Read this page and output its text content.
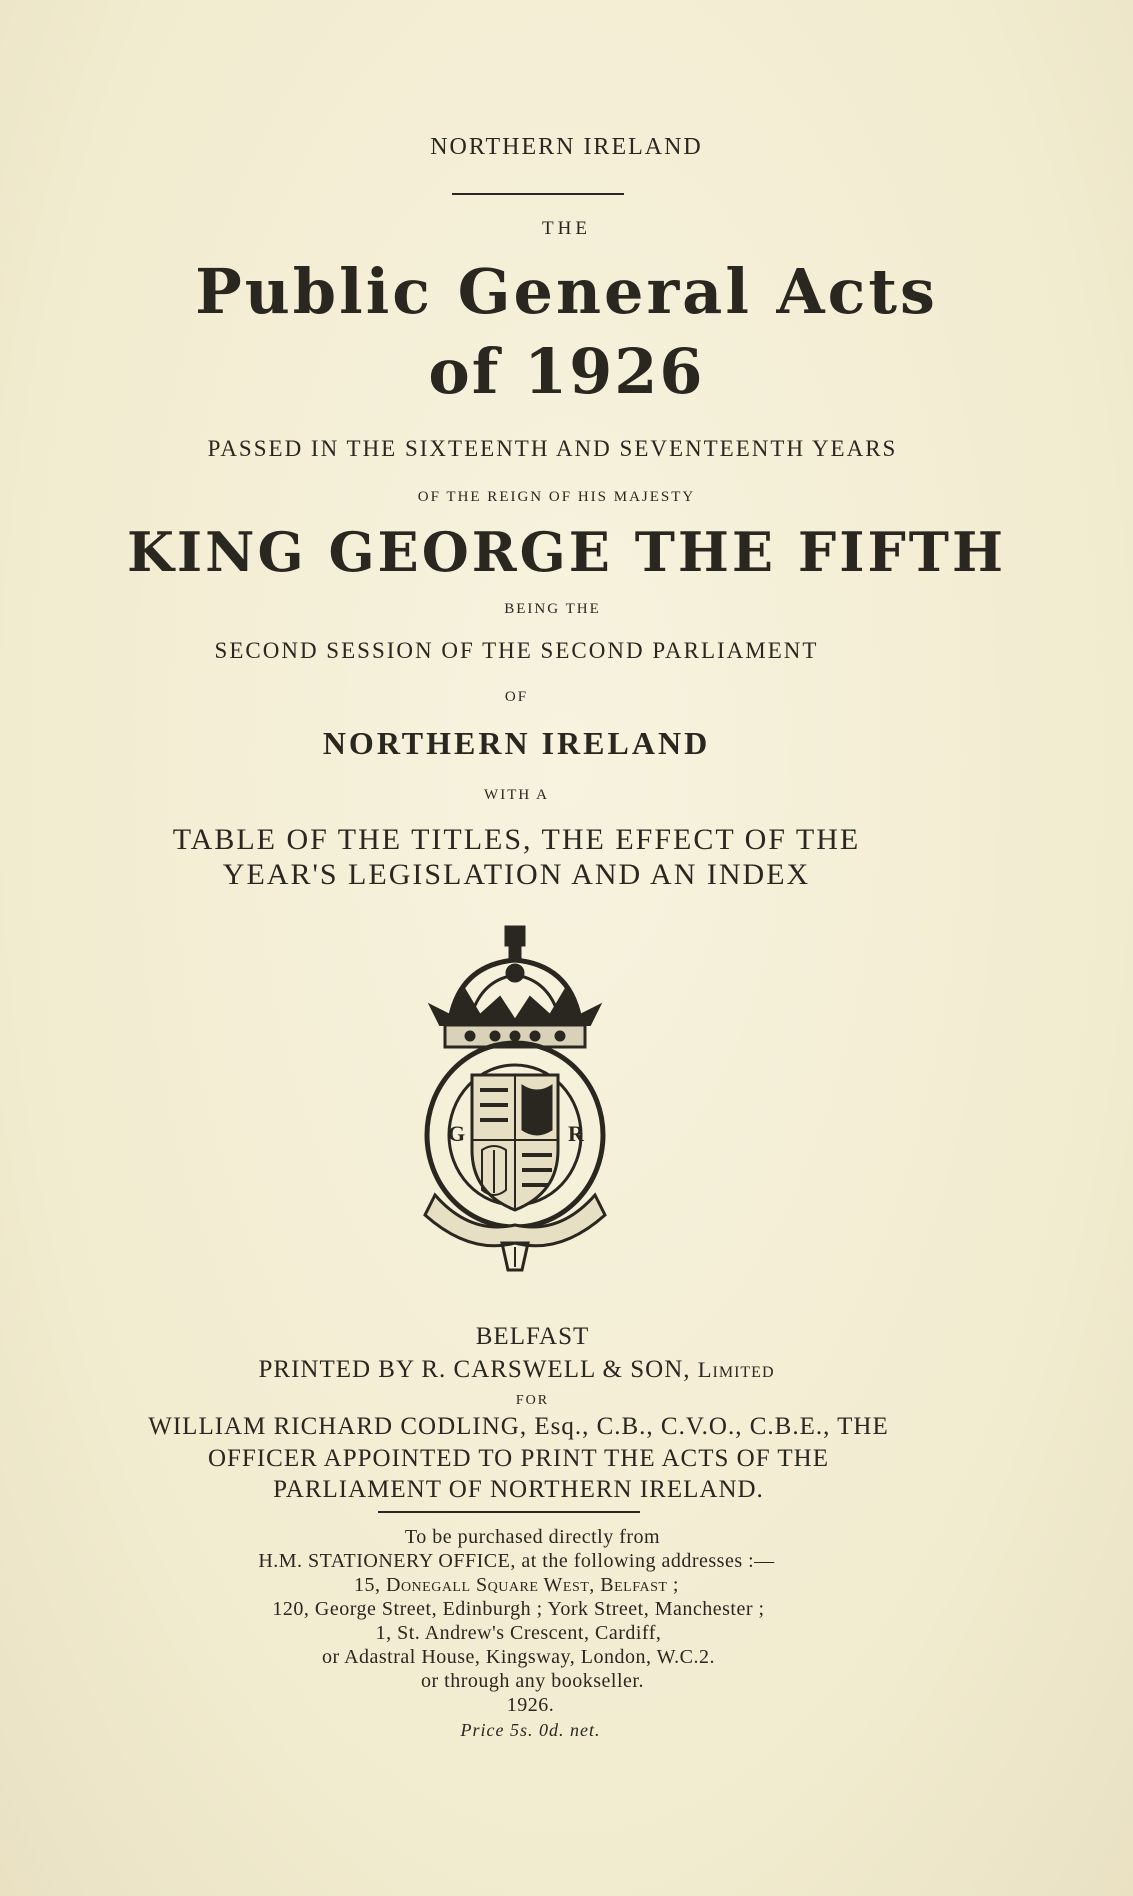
NORTHERN IRELAND
THE
Public General Acts
of 1926
PASSED IN THE SIXTEENTH AND SEVENTEENTH YEARS
OF THE REIGN OF HIS MAJESTY
KING GEORGE THE FIFTH
BEING THE
SECOND SESSION OF THE SECOND PARLIAMENT
OF
NORTHERN IRELAND
WITH A
TABLE OF THE TITLES, THE EFFECT OF THE
YEAR'S LEGISLATION AND AN INDEX
G	R
BELFAST
PRINTED BY R. CARSWELL & SON, Limited
FOR
WILLIAM RICHARD CODLING, Esq., C.B., C.V.O., C.B.E., THE
OFFICER APPOINTED TO PRINT THE ACTS OF THE
PARLIAMENT OF NORTHERN IRELAND.
To be purchased directly from
H.M. STATIONERY OFFICE, at the following addresses :—
15, Donegall Square West, Belfast ;
120, George Street, Edinburgh ; York Street, Manchester ;
1, St. Andrew's Crescent, Cardiff,
or Adastral House, Kingsway, London, W.C.2.
or through any bookseller.
1926.
Price 5s. 0d. net.
